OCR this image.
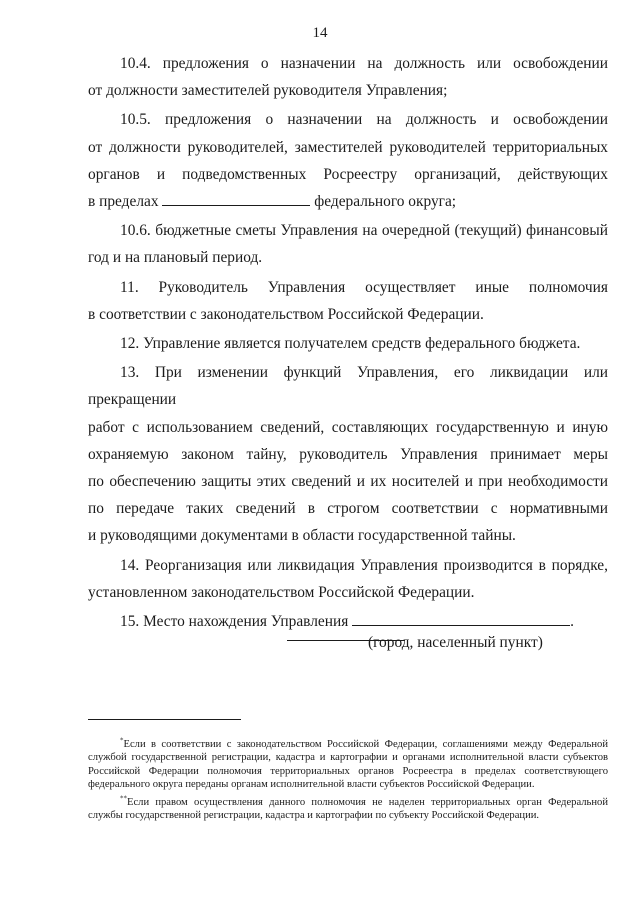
14

10.4. предложения о назначении на должность или освобождении
от должности заместителей руководителя Управления;

10.5. предложения о назначении на должность и освобождении
от должности руководителей, заместителей руководителей территориальных
органов и подведомственных Росреестру организаций, действующих
в пределах	федерального округа;

10.6. бюджетные сметы Управления на очередной (текущий) финансовый
год и на плановый период.

11. Руководитель Управления осуществляет иные полномочия
в соответствии с законодательством Российской Федерации.

12. Управление является получателем средств федерального бюджета.

13. При изменении функций Управления, его ликвидации или прекращении
работ с использованием сведений, составляющих государственную и иную
охраняемую законом тайну, руководитель Управления принимает меры
по обеспечению защиты этих сведений и их носителей и при необходимости
по передаче таких сведений в строгом соответствии с нормативными
и руководящими документами в области государственной тайны.

14. Реорганизация или ликвидация Управления производится в порядке,
установленном законодательством Российской Федерации.

15. Место нахождения Управления	.
(город, населенный пункт)

*Если в соответствии с законодательством Российской Федерации, соглашениями между Федеральной службой государственной регистрации, кадастра и картографии и органами исполнительной власти субъектов Российской Федерации полномочия территориальных органов Росреестра в пределах соответствующего федерального округа переданы органам исполнительной власти субъектов Российской Федерации.

**Если правом осуществления данного полномочия не наделен территориальных орган Федеральной службы государственной регистрации, кадастра и картографии по субъекту Российской Федерации.
